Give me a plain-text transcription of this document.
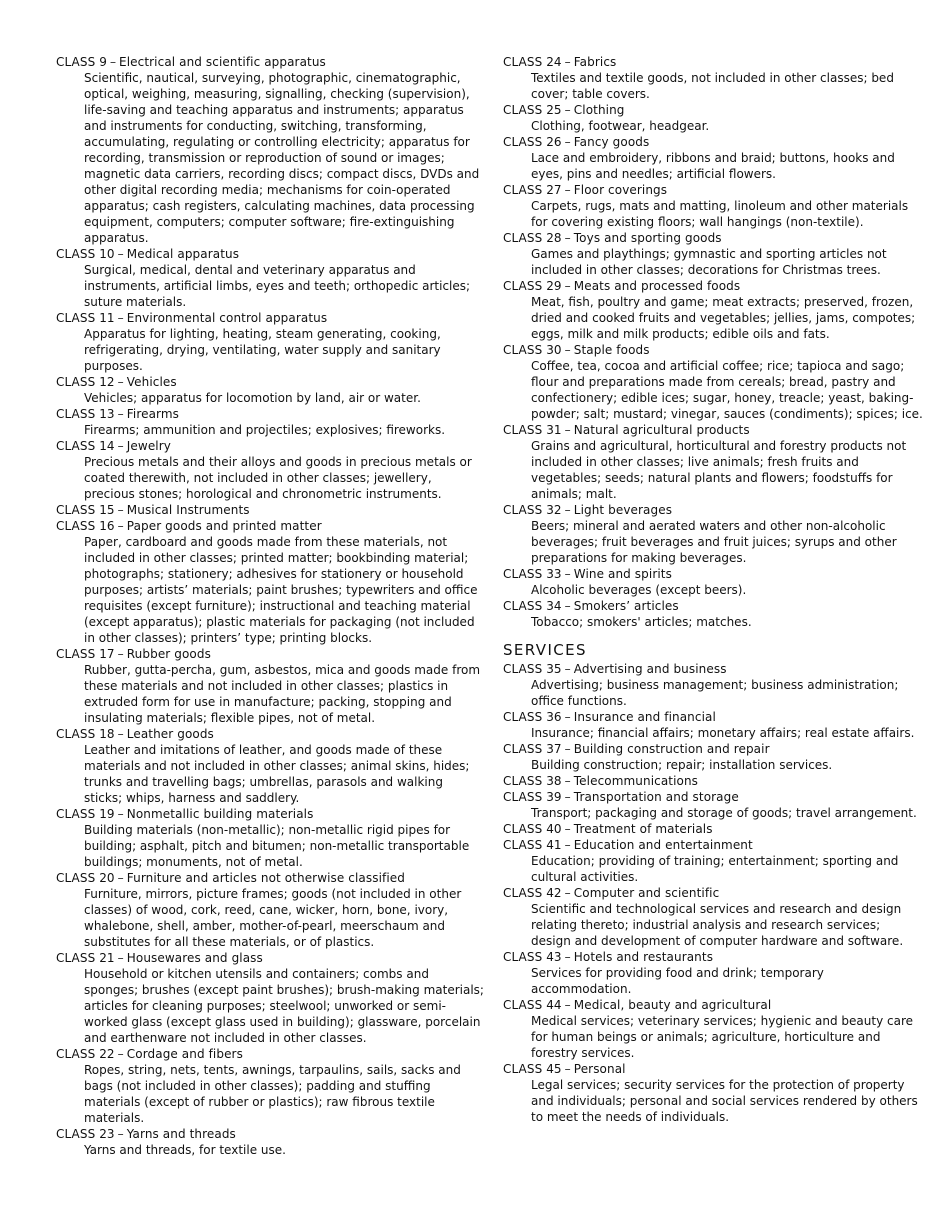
CLASS 9 – Electrical and scientific apparatus
Scientific, nautical, surveying, photographic, cinematographic, optical, weighing, measuring, signalling, checking (supervision), life-saving and teaching apparatus and instruments; apparatus and instruments for conducting, switching, transforming, accumulating, regulating or controlling electricity; apparatus for recording, transmission or reproduction of sound or images; magnetic data carriers, recording discs; compact discs, DVDs and other digital recording media; mechanisms for coin-operated apparatus; cash registers, calculating machines, data processing equipment, computers; computer software; fire-extinguishing apparatus.
CLASS 10 – Medical apparatus
Surgical, medical, dental and veterinary apparatus and instruments, artificial limbs, eyes and teeth; orthopedic articles; suture materials.
CLASS 11 – Environmental control apparatus
Apparatus for lighting, heating, steam generating, cooking, refrigerating, drying, ventilating, water supply and sanitary purposes.
CLASS 12 – Vehicles
Vehicles; apparatus for locomotion by land, air or water.
CLASS 13 – Firearms
Firearms; ammunition and projectiles; explosives; fireworks.
CLASS 14 – Jewelry
Precious metals and their alloys and goods in precious metals or coated therewith, not included in other classes; jewellery, precious stones; horological and chronometric instruments.
CLASS 15 – Musical Instruments
CLASS 16 – Paper goods and printed matter
Paper, cardboard and goods made from these materials, not included in other classes; printed matter; bookbinding material; photographs; stationery; adhesives for stationery or household purposes; artists’ materials; paint brushes; typewriters and office requisites (except furniture); instructional and teaching material (except apparatus); plastic materials for packaging (not included in other classes); printers’ type; printing blocks.
CLASS 17 – Rubber goods
Rubber, gutta-percha, gum, asbestos, mica and goods made from these materials and not included in other classes; plastics in extruded form for use in manufacture; packing, stopping and insulating materials; flexible pipes, not of metal.
CLASS 18 – Leather goods
Leather and imitations of leather, and goods made of these materials and not included in other classes; animal skins, hides; trunks and travelling bags; umbrellas, parasols and walking sticks; whips, harness and saddlery.
CLASS 19 – Nonmetallic building materials
Building materials (non-metallic); non-metallic rigid pipes for building; asphalt, pitch and bitumen; non-metallic transportable buildings; monuments, not of metal.
CLASS 20 – Furniture and articles not otherwise classified
Furniture, mirrors, picture frames; goods (not included in other classes) of wood, cork, reed, cane, wicker, horn, bone, ivory, whalebone, shell, amber, mother-of-pearl, meerschaum and substitutes for all these materials, or of plastics.
CLASS 21 – Housewares and glass
Household or kitchen utensils and containers; combs and sponges; brushes (except paint brushes); brush-making materials; articles for cleaning purposes; steelwool; unworked or semi-worked glass (except glass used in building); glassware, porcelain and earthenware not included in other classes.
CLASS 22 – Cordage and fibers
Ropes, string, nets, tents, awnings, tarpaulins, sails, sacks and bags (not included in other classes); padding and stuffing materials (except of rubber or plastics); raw fibrous textile materials.
CLASS 23 – Yarns and threads
Yarns and threads, for textile use.
CLASS 24 – Fabrics
Textiles and textile goods, not included in other classes; bed cover; table covers.
CLASS 25 – Clothing
Clothing, footwear, headgear.
CLASS 26 – Fancy goods
Lace and embroidery, ribbons and braid; buttons, hooks and eyes, pins and needles; artificial flowers.
CLASS 27 – Floor coverings
Carpets, rugs, mats and matting, linoleum and other materials for covering existing floors; wall hangings (non-textile).
CLASS 28 – Toys and sporting goods
Games and playthings; gymnastic and sporting articles not included in other classes; decorations for Christmas trees.
CLASS 29 – Meats and processed foods
Meat, fish, poultry and game; meat extracts; preserved, frozen, dried and cooked fruits and vegetables; jellies, jams, compotes; eggs, milk and milk products; edible oils and fats.
CLASS 30 – Staple foods
Coffee, tea, cocoa and artificial coffee; rice; tapioca and sago; flour and preparations made from cereals; bread, pastry and confectionery; edible ices; sugar, honey, treacle; yeast, baking-powder; salt; mustard; vinegar, sauces (condiments); spices; ice.
CLASS 31 – Natural agricultural products
Grains and agricultural, horticultural and forestry products not included in other classes; live animals; fresh fruits and vegetables; seeds; natural plants and flowers; foodstuffs for animals; malt.
CLASS 32 – Light beverages
Beers; mineral and aerated waters and other non-alcoholic beverages; fruit beverages and fruit juices; syrups and other preparations for making beverages.
CLASS 33 – Wine and spirits
Alcoholic beverages (except beers).
CLASS 34 – Smokers’ articles
Tobacco; smokers' articles; matches.
SERVICES
CLASS 35 – Advertising and business
Advertising; business management; business administration; office functions.
CLASS 36 – Insurance and financial
Insurance; financial affairs; monetary affairs; real estate affairs.
CLASS 37 – Building construction and repair
Building construction; repair; installation services.
CLASS 38 – Telecommunications
CLASS 39 – Transportation and storage
Transport; packaging and storage of goods; travel arrangement.
CLASS 40 – Treatment of materials
CLASS 41 – Education and entertainment
Education; providing of training; entertainment; sporting and cultural activities.
CLASS 42 – Computer and scientific
Scientific and technological services and research and design relating thereto; industrial analysis and research services; design and development of computer hardware and software.
CLASS 43 – Hotels and restaurants
Services for providing food and drink; temporary accommodation.
CLASS 44 – Medical, beauty and agricultural
Medical services; veterinary services; hygienic and beauty care for human beings or animals; agriculture, horticulture and forestry services.
CLASS 45 – Personal
Legal services; security services for the protection of property and individuals; personal and social services rendered by others to meet the needs of individuals.
